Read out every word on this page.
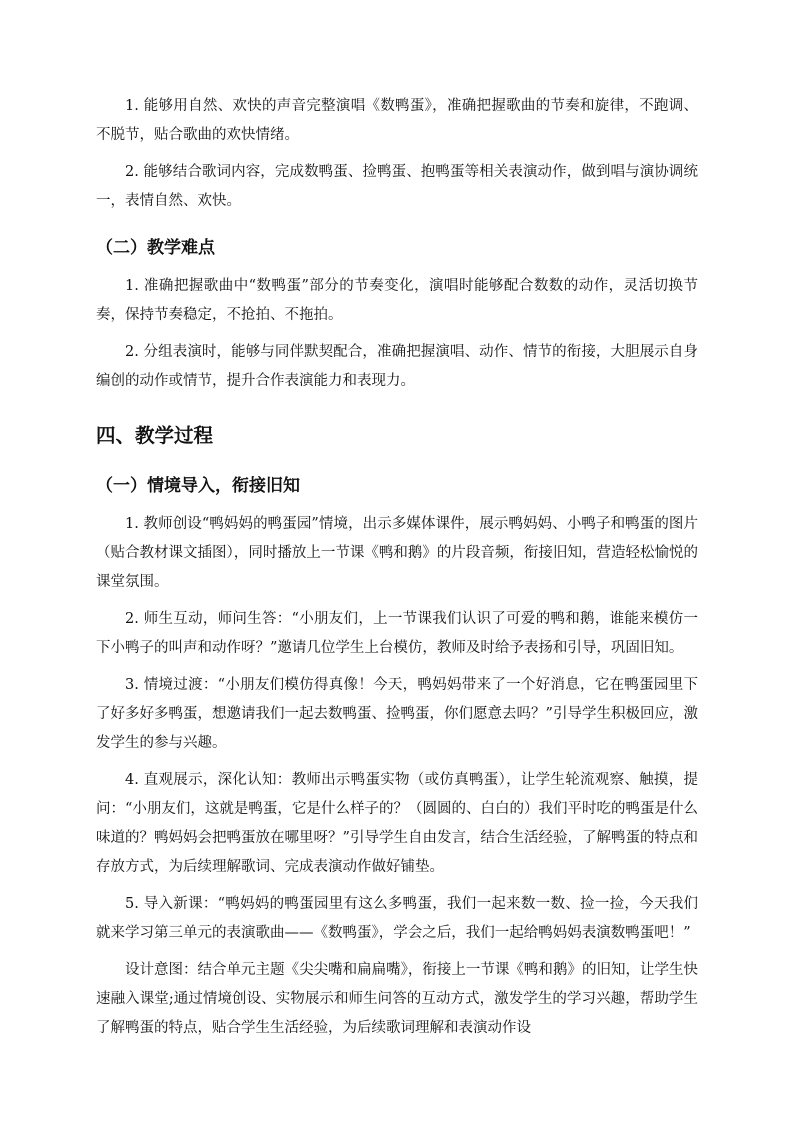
1. 能够用自然、欢快的声音完整演唱《数鸭蛋》，准确把握歌曲的节奏和旋律，不跑调、不脱节，贴合歌曲的欢快情绪。

2. 能够结合歌词内容，完成数鸭蛋、捡鸭蛋、抱鸭蛋等相关表演动作，做到唱与演协调统一，表情自然、欢快。

（二）教学难点

1. 准确把握歌曲中“数鸭蛋”部分的节奏变化，演唱时能够配合数数的动作，灵活切换节奏，保持节奏稳定，不抢拍、不拖拍。

2. 分组表演时，能够与同伴默契配合，准确把握演唱、动作、情节的衔接，大胆展示自身编创的动作或情节，提升合作表演能力和表现力。

四、教学过程
（一）情境导入，衔接旧知

1. 教师创设“鸭妈妈的鸭蛋园”情境，出示多媒体课件，展示鸭妈妈、小鸭子和鸭蛋的图片（贴合教材课文插图），同时播放上一节课《鸭和鹅》的片段音频，衔接旧知，营造轻松愉悦的课堂氛围。

2. 师生互动，师问生答：“小朋友们，上一节课我们认识了可爱的鸭和鹅，谁能来模仿一下小鸭子的叫声和动作呀？”邀请几位学生上台模仿，教师及时给予表扬和引导，巩固旧知。

3. 情境过渡：“小朋友们模仿得真像！今天，鸭妈妈带来了一个好消息，它在鸭蛋园里下了好多好多鸭蛋，想邀请我们一起去数鸭蛋、捡鸭蛋，你们愿意去吗？”引导学生积极回应，激发学生的参与兴趣。

4. 直观展示，深化认知：教师出示鸭蛋实物（或仿真鸭蛋），让学生轮流观察、触摸，提问：“小朋友们，这就是鸭蛋，它是什么样子的？（圆圆的、白白的）我们平时吃的鸭蛋是什么味道的？鸭妈妈会把鸭蛋放在哪里呀？”引导学生自由发言，结合生活经验，了解鸭蛋的特点和存放方式，为后续理解歌词、完成表演动作做好铺垫。

5. 导入新课：“鸭妈妈的鸭蛋园里有这么多鸭蛋，我们一起来数一数、捡一捡，今天我们就来学习第三单元的表演歌曲——《数鸭蛋》，学会之后，我们一起给鸭妈妈表演数鸭蛋吧！”

设计意图：结合单元主题《尖尖嘴和扁扁嘴》，衔接上一节课《鸭和鹅》的旧知，让学生快速融入课堂;通过情境创设、实物展示和师生问答的互动方式，激发学生的学习兴趣，帮助学生了解鸭蛋的特点，贴合学生生活经验，为后续歌词理解和表演动作设
